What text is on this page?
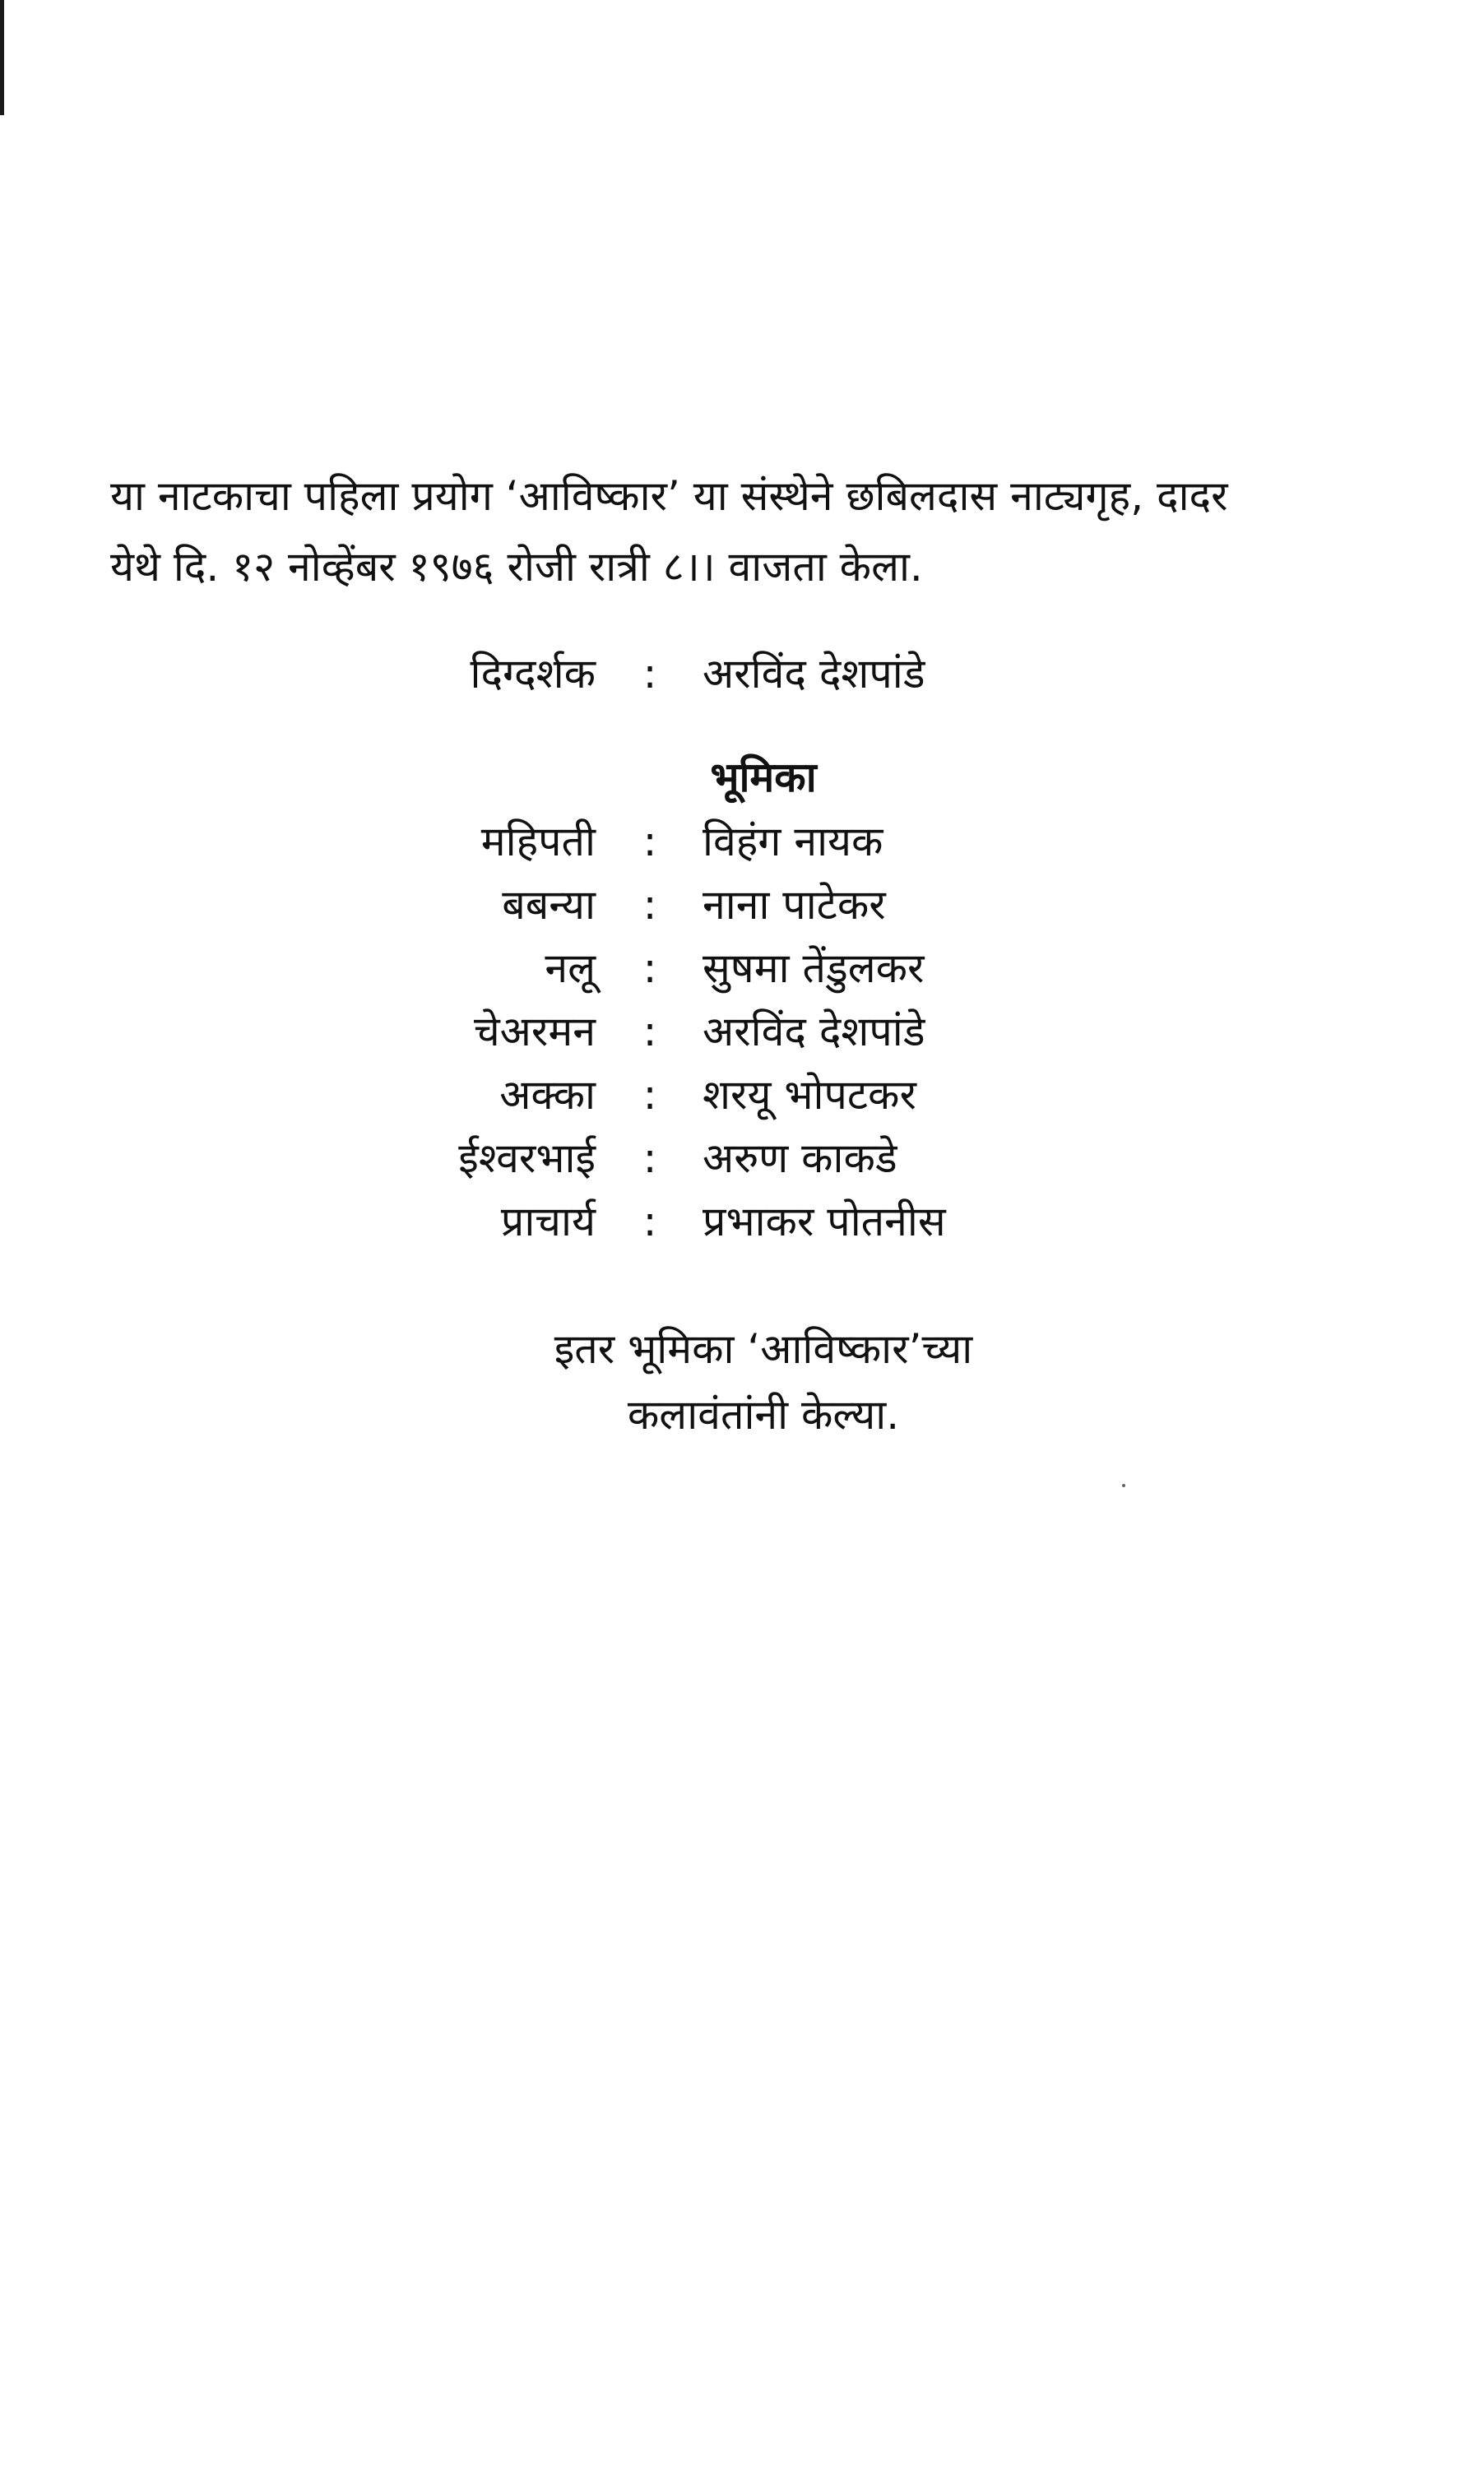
या नाटकाचा पहिला प्रयोग ‘आविष्कार’ या संस्थेने छबिलदास नाट्यगृह, दादर
येथे दि. १२ नोव्हेंबर १९७६ रोजी रात्री ८।। वाजता केला.
दिग्दर्शक : अरविंद देशपांडे
भूमिका
महिपती : विहंग नायक
बबन्या : नाना पाटेकर
नलू : सुषमा तेंडुलकर
चेअरमन : अरविंद देशपांडे
अक्का : शरयू भोपटकर
ईश्वरभाई : अरुण काकडे
प्राचार्य : प्रभाकर पोतनीस
इतर भूमिका ‘आविष्कार’च्या
कलावंतांनी केल्या.
